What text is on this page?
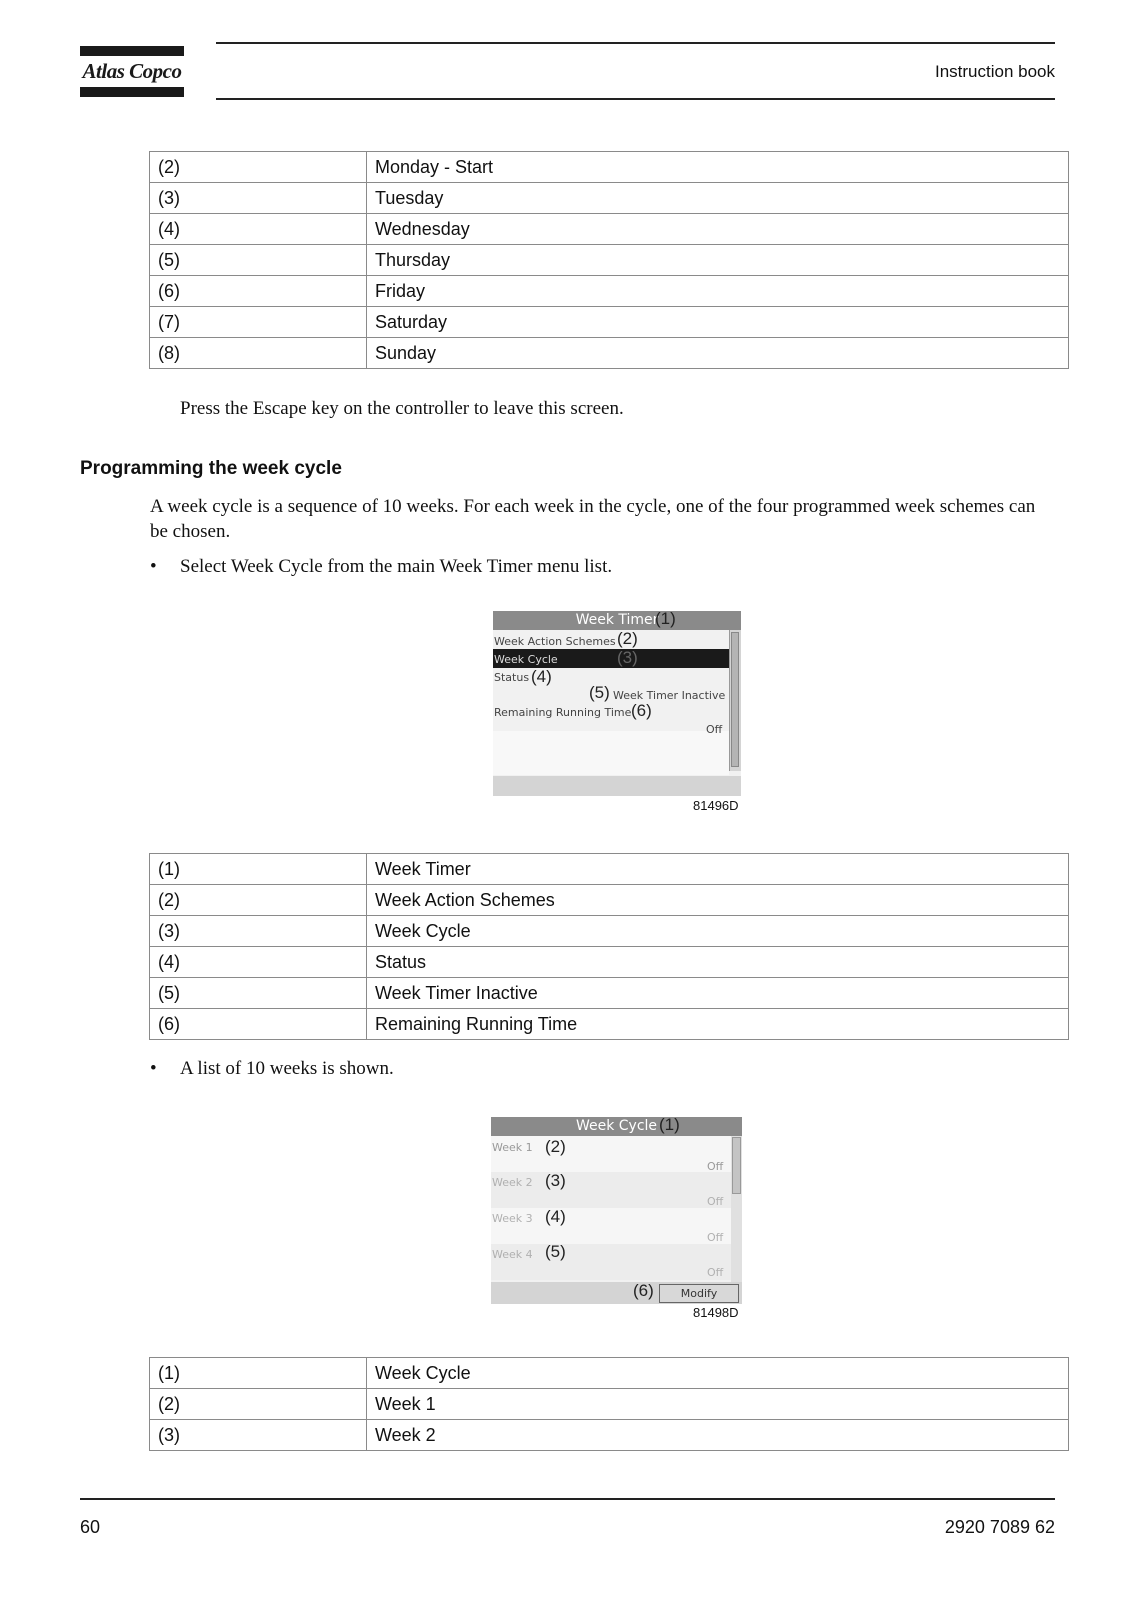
Atlas Copco	Instruction book
(2)	Monday - Start
(3)	Tuesday
(4)	Wednesday
(5)	Thursday
(6)	Friday
(7)	Saturday
(8)	Sunday
Press the Escape key on the controller to leave this screen.
Programming the week cycle
A week cycle is a sequence of 10 weeks. For each week in the cycle, one of the four programmed week schemes can be chosen.
• Select Week Cycle from the main Week Timer menu list.
Week Timer
(1)
Week Action Schemes (2)
Week Cycle	(3)
Status (4)
(5) Week Timer Inactive
Remaining Running Time (6)
Off
81496D
(1)	Week Timer
(2)	Week Action Schemes
(3)	Week Cycle
(4)	Status
(5)	Week Timer Inactive
(6)	Remaining Running Time
• A list of 10 weeks is shown.
Week Cycle (1)
Week 1 (2)
Off
Week 2 (3)
Off
Week 3 (4)
Off
Week 4 (5)
Off
(6)	Modify
81498D
(1)	Week Cycle
(2)	Week 1
(3)	Week 2
60	2920 7089 62
